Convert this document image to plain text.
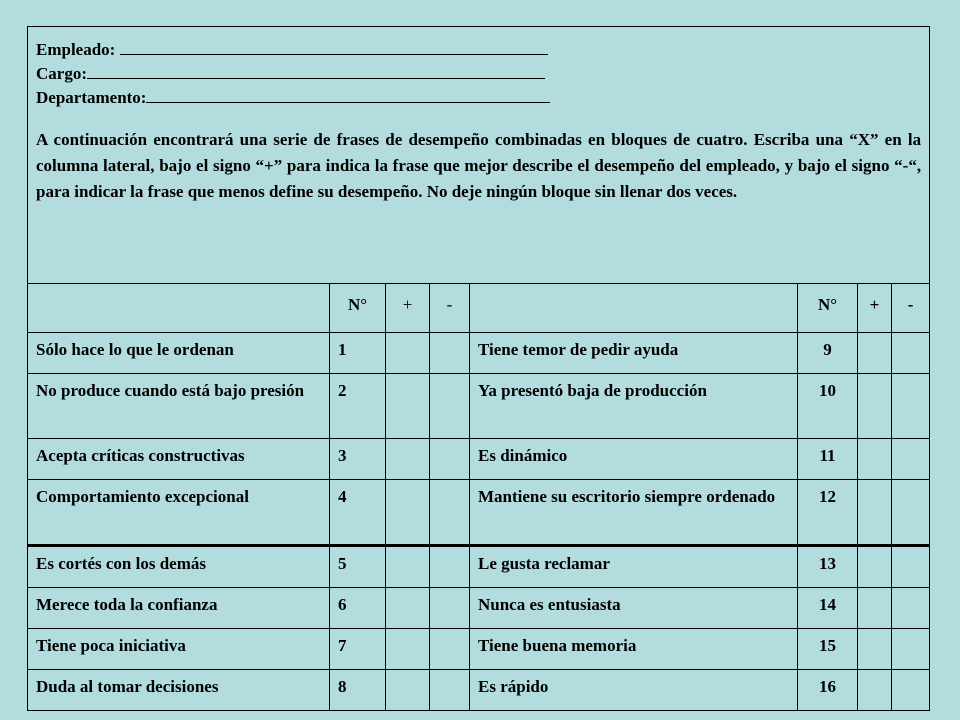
Empleado:
Cargo:
Departamento:
A continuación encontrará una serie de frases de desempeño combinadas en bloques de cuatro. Escriba una “X” en la columna lateral, bajo el signo “+” para indica la frase que mejor describe el desempeño del empleado, y bajo el signo “-“, para indicar la frase que menos define su desempeño. No deje ningún bloque sin llenar dos veces.							

	N°	+	-		N°	+	-
Sólo hace lo que le ordenan	1			Tiene temor de pedir ayuda	9		
No produce cuando está bajo presión	2			Ya presentó baja de producción	10		
Acepta críticas constructivas	3			Es dinámico	11		
Comportamiento excepcional	4			Mantiene su escritorio siempre ordenado	12		
Es cortés con los demás	5			Le gusta reclamar	13		
Merece toda la confianza	6			Nunca es entusiasta	14		
Tiene poca iniciativa	7			Tiene buena memoria	15		
Duda al tomar decisiones	8			Es rápido	16		
